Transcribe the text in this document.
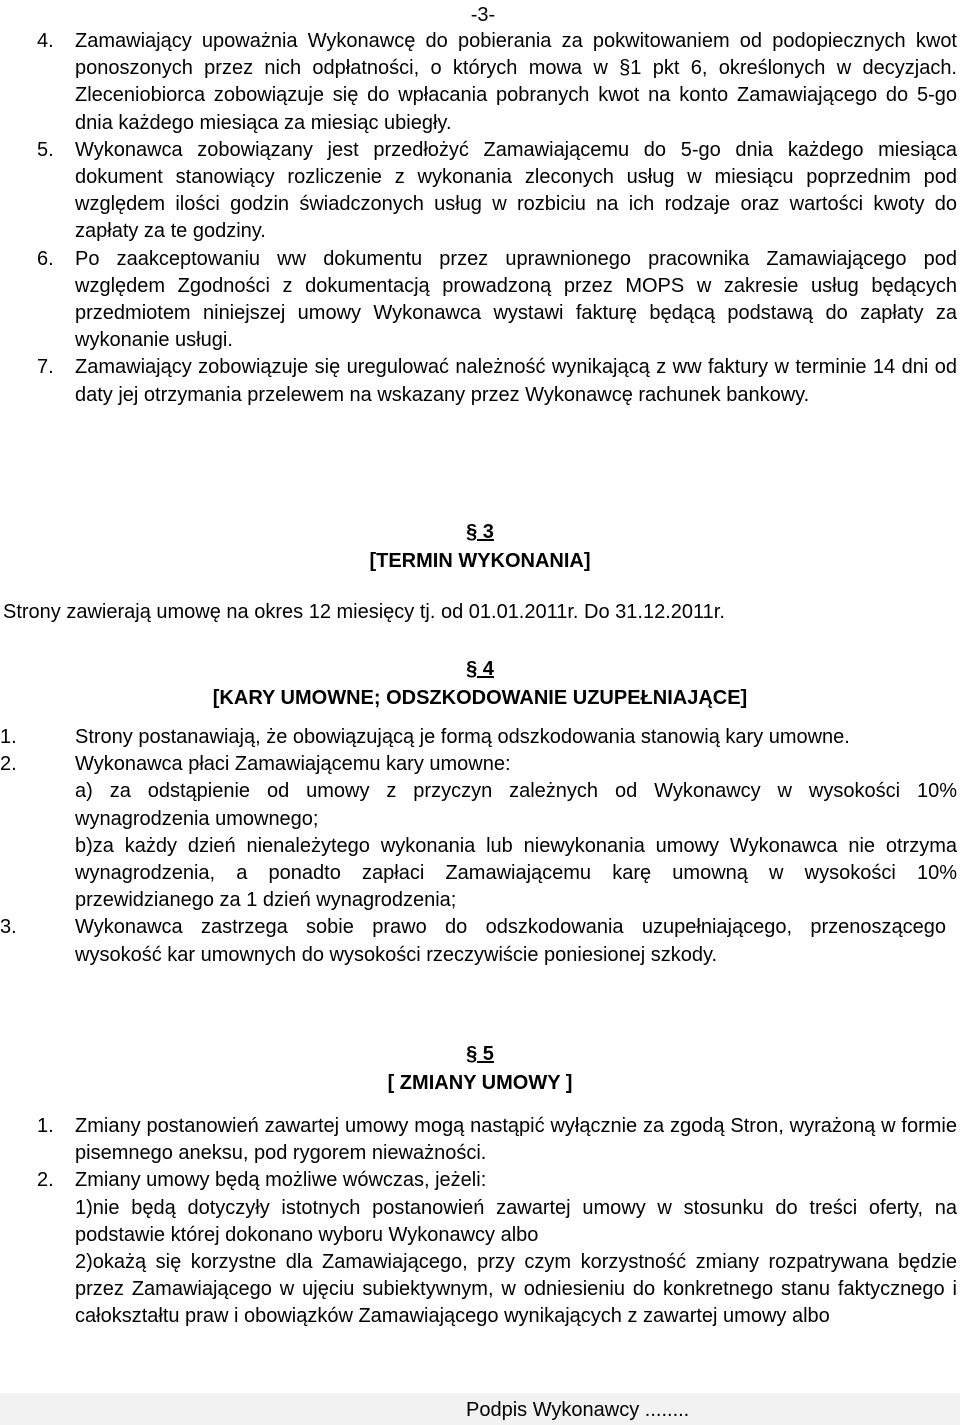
-3-
4. Zamawiający upoważnia Wykonawcę do pobierania za pokwitowaniem od podopiecznych kwot ponoszonych przez nich odpłatności, o których mowa w §1 pkt 6, określonych w decyzjach. Zleceniobiorca zobowiązuje się do wpłacania pobranych kwot na konto Zamawiającego do 5-go dnia każdego miesiąca za miesiąc ubiegły.

5. Wykonawca zobowiązany jest przedłożyć Zamawiającemu do 5-go dnia każdego miesiąca dokument stanowiący rozliczenie z wykonania zleconych usług w miesiącu poprzednim pod względem ilości godzin świadczonych usług w rozbiciu na ich rodzaje oraz wartości kwoty do zapłaty za te godziny.

6. Po zaakceptowaniu ww dokumentu przez uprawnionego pracownika Zamawiającego pod względem Zgodności z dokumentacją prowadzoną przez MOPS w zakresie usług będących przedmiotem niniejszej umowy Wykonawca wystawi fakturę będącą podstawą do zapłaty za wykonanie usługi.

7. Zamawiający zobowiązuje się uregulować należność wynikającą z ww faktury w terminie 14 dni od daty jej otrzymania przelewem na wskazany przez Wykonawcę rachunek bankowy.

§ 3

[TERMIN WYKONANIA]

Strony zawierają umowę na okres 12 miesięcy tj. od 01.01.2011r. Do 31.12.2011r.

§ 4

[KARY UMOWNE; ODSZKODOWANIE UZUPEŁNIAJĄCE]

1.	Strony postanawiają, że obowiązującą je formą odszkodowania stanowią kary umowne.

2.	Wykonawca płaci Zamawiającemu kary umowne:

a) za odstąpienie od umowy z przyczyn zależnych od Wykonawcy w wysokości 10% wynagrodzenia umownego;

b)za każdy dzień nienależytego wykonania lub niewykonania umowy Wykonawca nie otrzyma wynagrodzenia, a ponadto zapłaci Zamawiającemu karę umowną w wysokości 10% przewidzianego za 1 dzień wynagrodzenia;

3.	Wykonawca zastrzega sobie prawo do odszkodowania uzupełniającego, przenoszącego wysokość kar umownych do wysokości rzeczywiście poniesionej szkody.

§ 5

[ ZMIANY UMOWY ]

1. Zmiany postanowień zawartej umowy mogą nastąpić wyłącznie za zgodą Stron, wyrażoną w formie pisemnego aneksu, pod rygorem nieważności.

2. Zmiany umowy będą możliwe wówczas, jeżeli:

1)nie będą dotyczyły istotnych postanowień zawartej umowy w stosunku do treści oferty, na podstawie której dokonano wyboru Wykonawcy albo

2)okażą się korzystne dla Zamawiającego, przy czym korzystność zmiany rozpatrywana będzie przez Zamawiającego w ujęciu subiektywnym, w odniesieniu do konkretnego stanu faktycznego i całokształtu praw i obowiązków Zamawiającego wynikających z zawartej umowy albo

Podpis Wykonawcy ........
